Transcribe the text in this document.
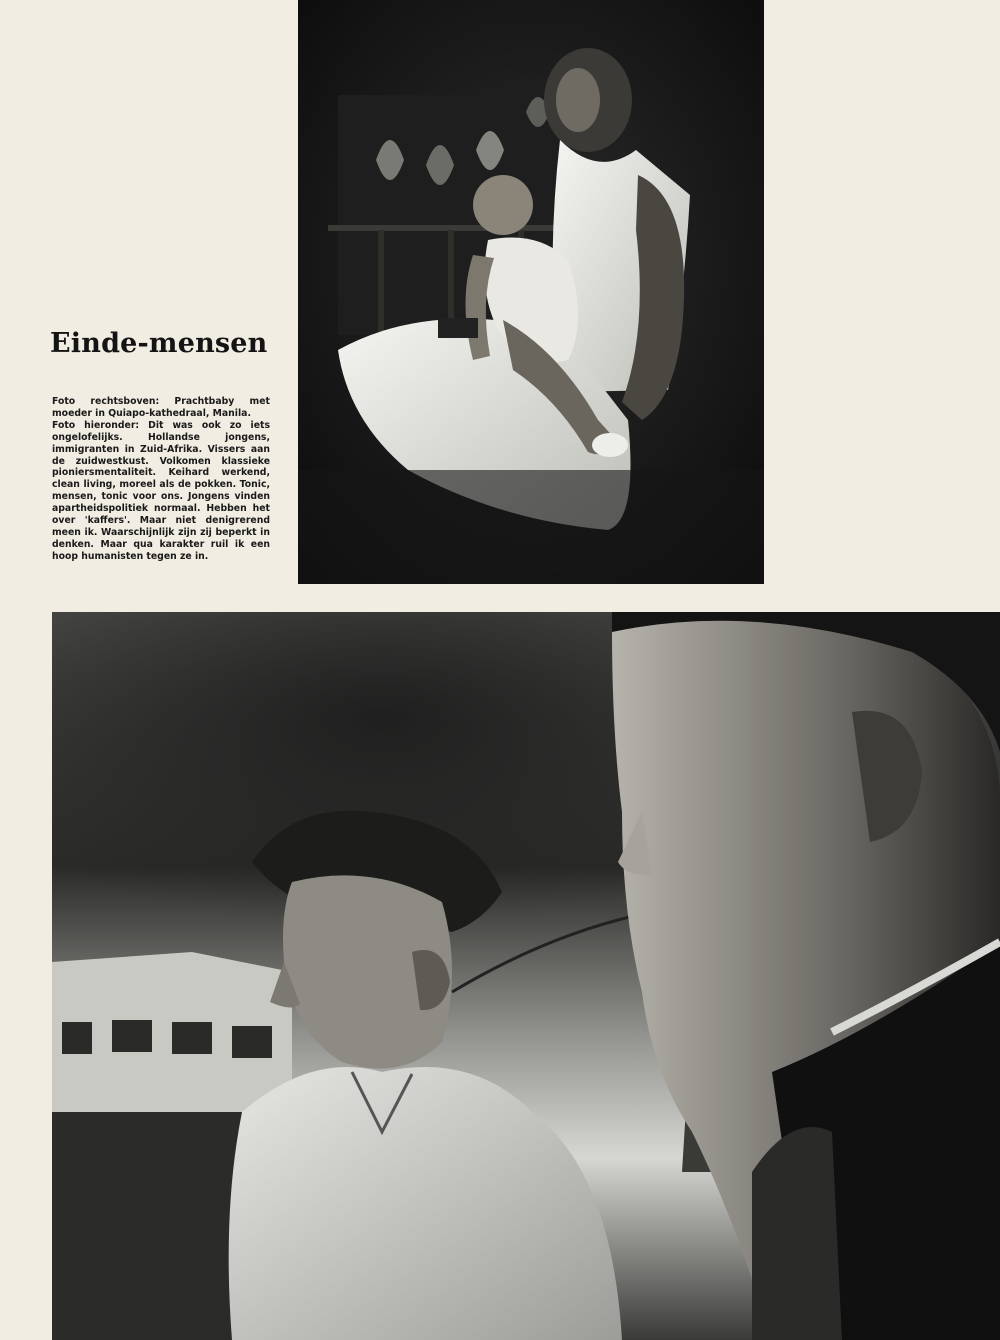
Einde-mensen

Foto rechtsboven: Prachtbaby met moeder in Quiapo-kathedraal, Manila.

Foto hieronder: Dit was ook zo iets ongelofelijks. Hollandse jongens, immigranten in Zuid-Afrika. Vissers aan de zuidwestkust. Volkomen klassieke pioniersmentaliteit. Keihard werkend, clean living, moreel als de pokken. Tonic, mensen, tonic voor ons. Jongens vinden apartheidspolitiek normaal. Hebben het over 'kaffers'. Maar niet denigrerend meen ik. Waarschijnlijk zijn zij beperkt in denken. Maar qua karakter ruil ik een hoop humanisten tegen ze in.
